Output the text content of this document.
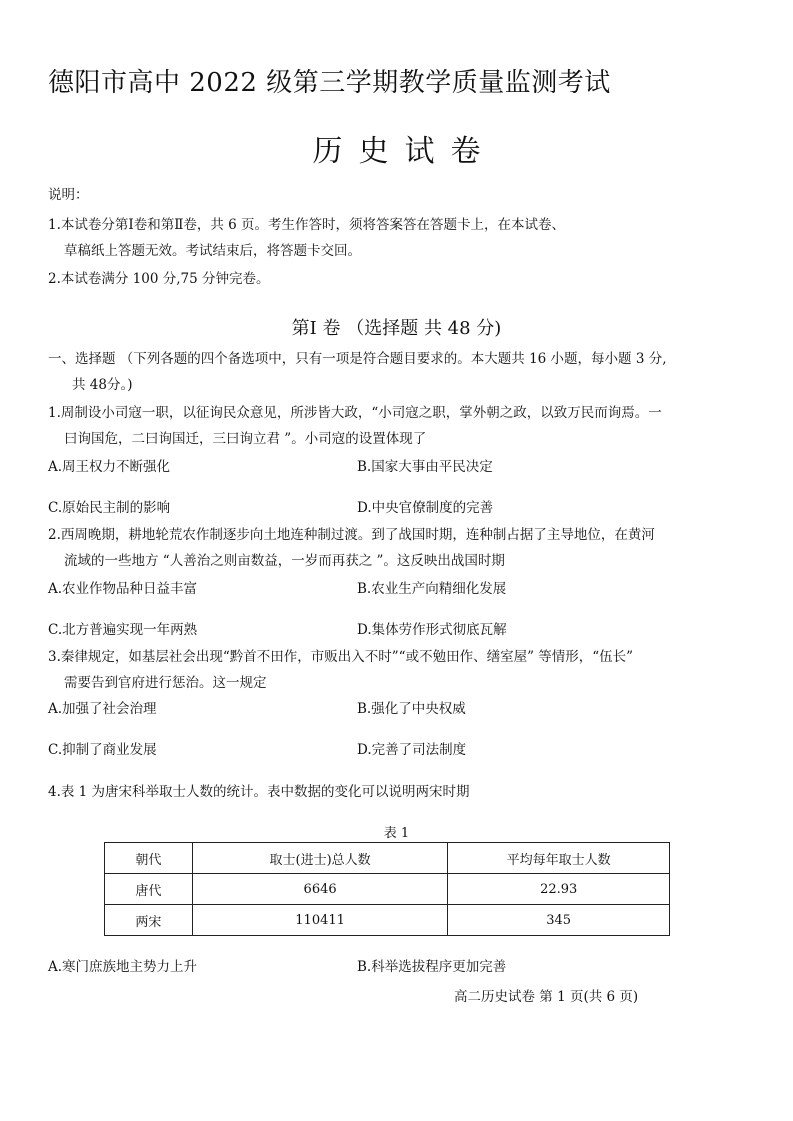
德阳市高中 2022 级第三学期教学质量监测考试
历史试卷
说明：
1.本试卷分第Ⅰ卷和第Ⅱ卷，共 6 页。考生作答时，须将答案答在答题卡上，在本试卷、
草稿纸上答题无效。考试结束后，将答题卡交回。
2.本试卷满分 100 分,75 分钟完卷。
第Ⅰ 卷 （选择题 共 48 分)
一、选择题 （下列各题的四个备选项中，只有一项是符合题目要求的。本大题共 16 小题，每小题 3 分,
共 48分。)
1.周制设小司寇一职，以征询民众意见，所涉皆大政，“小司寇之职，掌外朝之政，以致万民而询焉。一
曰询国危，二曰询国迁，三曰询立君 ”。小司寇的设置体现了
A.周王权力不断强化	B.国家大事由平民决定
C.原始民主制的影响	D.中央官僚制度的完善
2.西周晚期，耕地轮荒农作制逐步向土地连种制过渡。到了战国时期，连种制占据了主导地位，在黄河
流域的一些地方 “人善治之则亩数益，一岁而再获之 ”。这反映出战国时期
A.农业作物品种日益丰富	B.农业生产向精细化发展
C.北方普遍实现一年两熟	D.集体劳作形式彻底瓦解
3.秦律规定，如基层社会出现“黔首不田作，市贩出入不时”“或不勉田作、缮室屋” 等情形，“伍长”
需要告到官府进行惩治。这一规定
A.加强了社会治理	B.强化了中央权威
C.抑制了商业发展	D.完善了司法制度
4.表 1 为唐宋科举取士人数的统计。表中数据的变化可以说明两宋时期
表 1
朝代	取士(进士)总人数	平均每年取士人数
唐代	6646	22.93
两宋	110411	345
A.寒门庶族地主势力上升	B.科举选拔程序更加完善
高二历史试卷 第 1 页(共 6 页)
